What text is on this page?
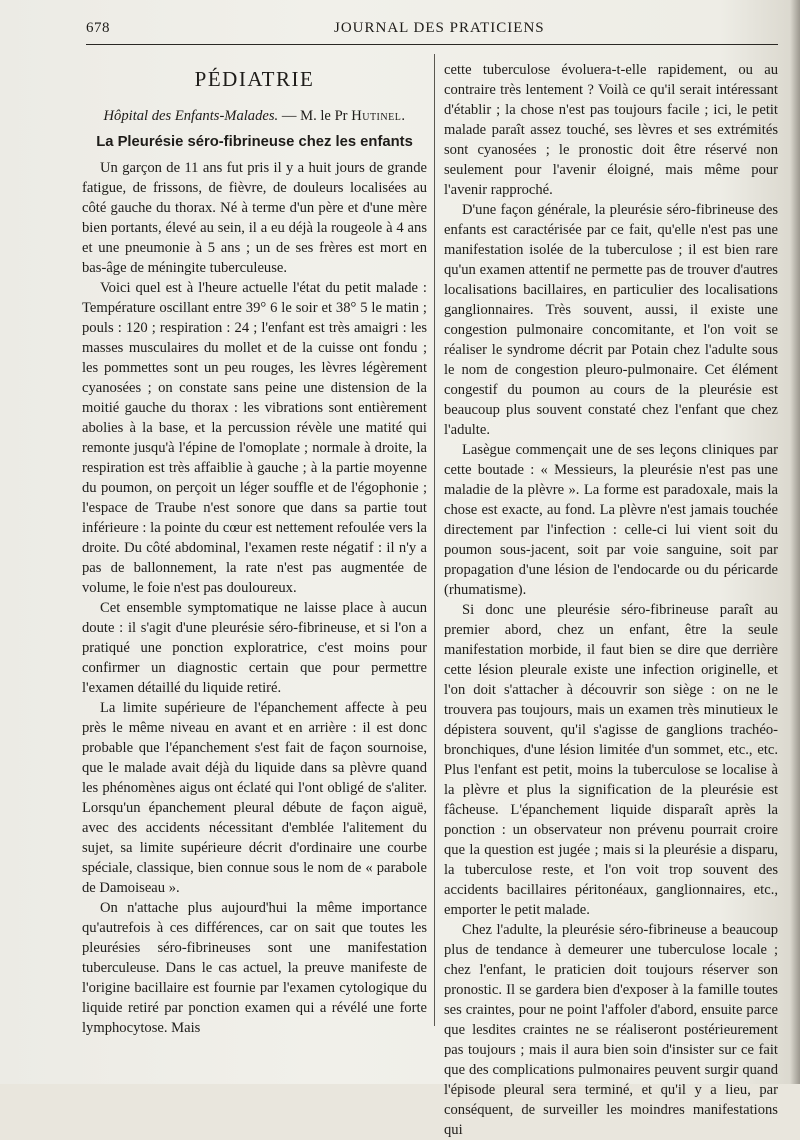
678	JOURNAL DES PRATICIENS
PÉDIATRIE
Hôpital des Enfants-Malades. — M. le Pr Hutinel.
La Pleurésie séro-fibrineuse chez les enfants

Un garçon de 11 ans fut pris il y a huit jours de grande fatigue, de frissons, de fièvre, de douleurs localisées au côté gauche du thorax. Né à terme d'un père et d'une mère bien portants, élevé au sein, il a eu déjà la rougeole à 4 ans et une pneumonie à 5 ans ; un de ses frères est mort en bas-âge de méningite tuberculeuse.

Voici quel est à l'heure actuelle l'état du petit malade : Température oscillant entre 39° 6 le soir et 38° 5 le matin ; pouls : 120 ; respiration : 24 ; l'enfant est très amaigri : les masses musculaires du mollet et de la cuisse ont fondu ; les pommettes sont un peu rouges, les lèvres légèrement cyanosées ; on constate sans peine une distension de la moitié gauche du thorax : les vibrations sont entièrement abolies à la base, et la percussion révèle une matité qui remonte jusqu'à l'épine de l'omoplate ; normale à droite, la respiration est très affaiblie à gauche ; à la partie moyenne du poumon, on perçoit un léger souffle et de l'égophonie ; l'espace de Traube n'est sonore que dans sa partie tout inférieure : la pointe du cœur est nettement refoulée vers la droite. Du côté abdominal, l'examen reste négatif : il n'y a pas de ballonnement, la rate n'est pas augmentée de volume, le foie n'est pas douloureux.

Cet ensemble symptomatique ne laisse place à aucun doute : il s'agit d'une pleurésie séro-fibrineuse, et si l'on a pratiqué une ponction exploratrice, c'est moins pour confirmer un diagnostic certain que pour permettre l'examen détaillé du liquide retiré.

La limite supérieure de l'épanchement affecte à peu près le même niveau en avant et en arrière : il est donc probable que l'épanchement s'est fait de façon sournoise, que le malade avait déjà du liquide dans sa plèvre quand les phénomènes aigus ont éclaté qui l'ont obligé de s'aliter. Lorsqu'un épanchement pleural débute de façon aiguë, avec des accidents nécessitant d'emblée l'alitement du sujet, sa limite supérieure décrit d'ordinaire une courbe spéciale, classique, bien connue sous le nom de « parabole de Damoiseau ».

On n'attache plus aujourd'hui la même importance qu'autrefois à ces différences, car on sait que toutes les pleurésies séro-fibrineuses sont une manifestation tuberculeuse. Dans le cas actuel, la preuve manifeste de l'origine bacillaire est fournie par l'examen cytologique du liquide retiré par ponction examen qui a révélé une forte lymphocytose. Mais

cette tuberculose évoluera-t-elle rapidement, ou au contraire très lentement ? Voilà ce qu'il serait intéressant d'établir ; la chose n'est pas toujours facile ; ici, le petit malade paraît assez touché, ses lèvres et ses extrémités sont cyanosées ; le pronostic doit être réservé non seulement pour l'avenir éloigné, mais même pour l'avenir rapproché.

D'une façon générale, la pleurésie séro-fibrineuse des enfants est caractérisée par ce fait, qu'elle n'est pas une manifestation isolée de la tuberculose ; il est bien rare qu'un examen attentif ne permette pas de trouver d'autres localisations bacillaires, en particulier des localisations ganglionnaires. Très souvent, aussi, il existe une congestion pulmonaire concomitante, et l'on voit se réaliser le syndrome décrit par Potain chez l'adulte sous le nom de congestion pleuro-pulmonaire. Cet élément congestif du poumon au cours de la pleurésie est beaucoup plus souvent constaté chez l'enfant que chez l'adulte.

Lasègue commençait une de ses leçons cliniques par cette boutade : « Messieurs, la pleurésie n'est pas une maladie de la plèvre ». La forme est paradoxale, mais la chose est exacte, au fond. La plèvre n'est jamais touchée directement par l'infection : celle-ci lui vient soit du poumon sous-jacent, soit par voie sanguine, soit par propagation d'une lésion de l'endocarde ou du péricarde (rhumatisme).

Si donc une pleurésie séro-fibrineuse paraît au premier abord, chez un enfant, être la seule manifestation morbide, il faut bien se dire que derrière cette lésion pleurale existe une infection originelle, et l'on doit s'attacher à découvrir son siège : on ne le trouvera pas toujours, mais un examen très minutieux le dépistera souvent, qu'il s'agisse de ganglions trachéo-bronchiques, d'une lésion limitée d'un sommet, etc., etc. Plus l'enfant est petit, moins la tuberculose se localise à la plèvre et plus la signification de la pleurésie est fâcheuse. L'épanchement liquide disparaît après la ponction : un observateur non prévenu pourrait croire que la question est jugée ; mais si la pleurésie a disparu, la tuberculose reste, et l'on voit trop souvent des accidents bacillaires péritonéaux, ganglionnaires, etc., emporter le petit malade.

Chez l'adulte, la pleurésie séro-fibrineuse a beaucoup plus de tendance à demeurer une tuberculose locale ; chez l'enfant, le praticien doit toujours réserver son pronostic. Il se gardera bien d'exposer à la famille toutes ses craintes, pour ne point l'affoler d'abord, ensuite parce que lesdites craintes ne se réaliseront postérieurement pas toujours ; mais il aura bien soin d'insister sur ce fait que des complications pulmonaires peuvent surgir quand l'épisode pleural sera terminé, et qu'il y a lieu, par conséquent, de surveiller les moindres manifestations qui
